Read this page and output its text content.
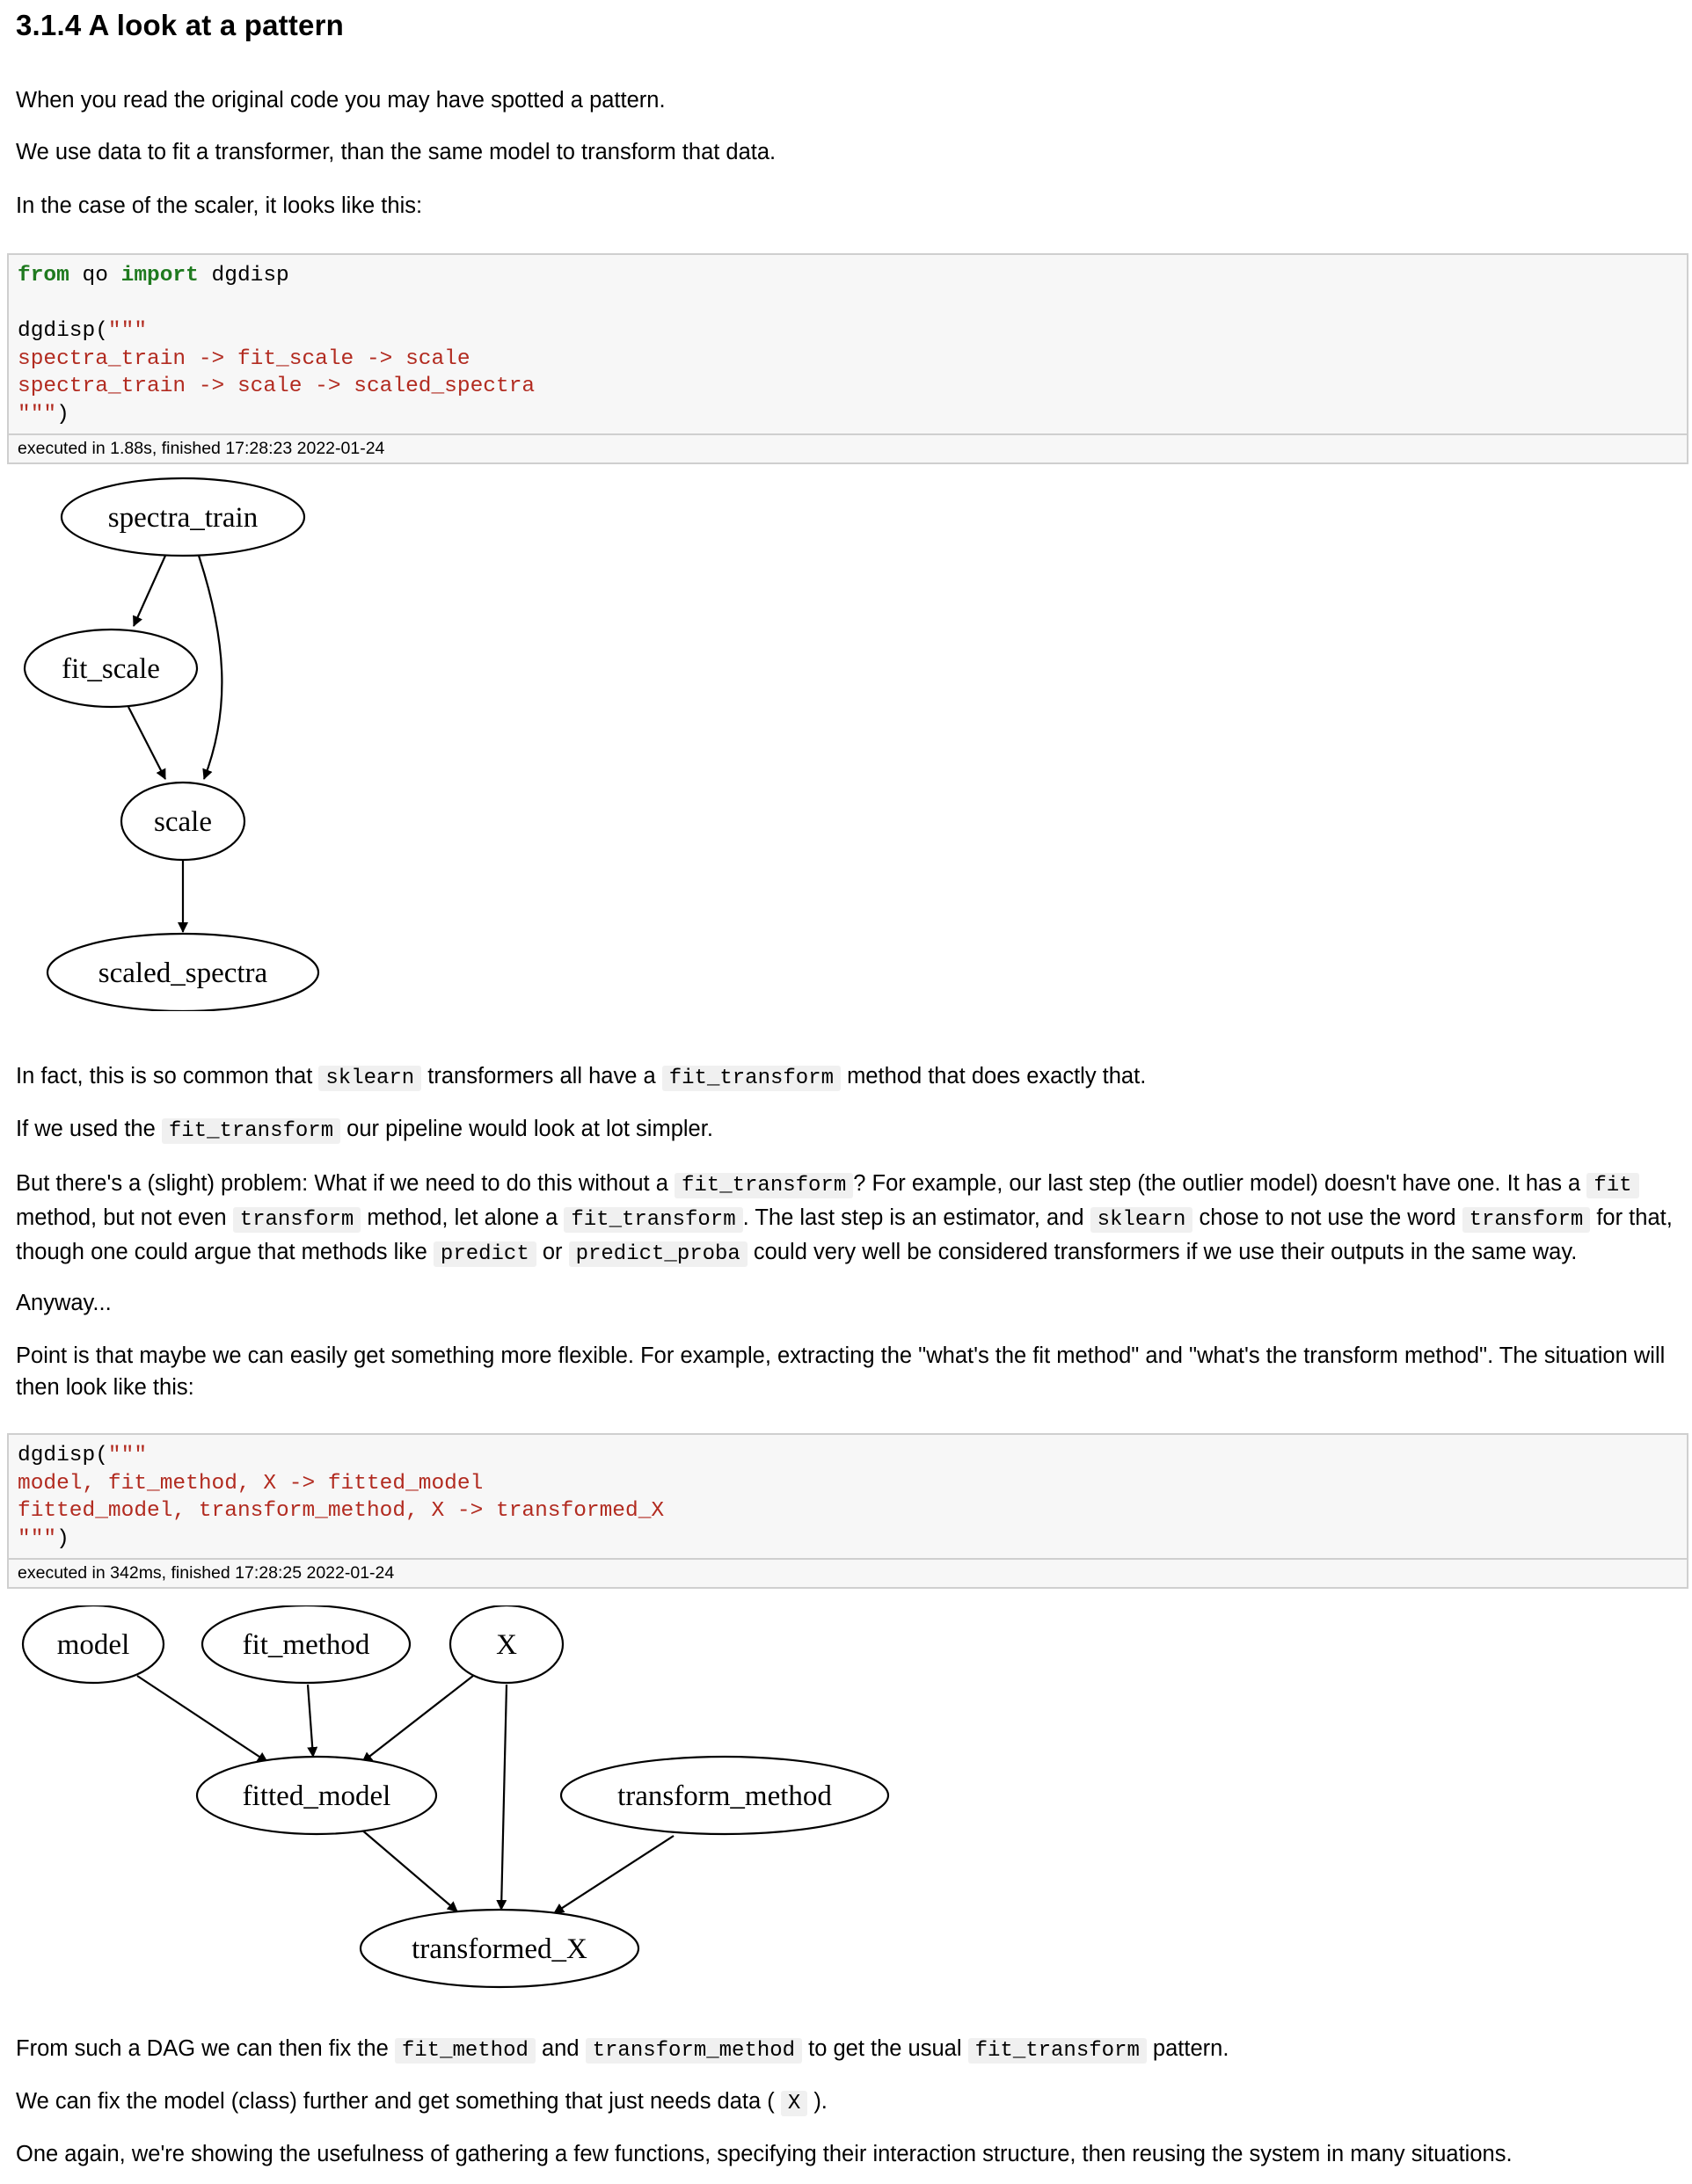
3.1.4 A look at a pattern

When you read the original code you may have spotted a pattern.

We use data to fit a transformer, than the same model to transform that data.

In the case of the scaler, it looks like this:

from qo import dgdisp

dgdisp("""
spectra_train -> fit_scale -> scale
spectra_train -> scale -> scaled_spectra
""")
executed in 1.88s, finished 17:28:23 2022-01-24
spectra_train
fit_scale
scale
scaled_spectra

In fact, this is so common that sklearn transformers all have a fit_transform method that does exactly that.

If we used the fit_transform our pipeline would look at lot simpler.

But there's a (slight) problem: What if we need to do this without a fit_transform ? For example, our last step (the outlier model) doesn't have one. It has a fit method, but not even transform method, let alone a fit_transform . The last step is an estimator, and sklearn chose to not use the word transform for that, though one could argue that methods like predict or predict_proba could very well be considered transformers if we use their outputs in the same way.

Anyway...

Point is that maybe we can easily get something more flexible. For example, extracting the "what's the fit method" and "what's the transform method". The situation will then look like this:

dgdisp("""
model, fit_method, X -> fitted_model
fitted_model, transform_method, X -> transformed_X
""")
executed in 342ms, finished 17:28:25 2022-01-24
model	fit_method	X
fitted_model	transform_method
transformed_X

From such a DAG we can then fix the fit_method and transform_method to get the usual fit_transform pattern.

We can fix the model (class) further and get something that just needs data ( X ).

One again, we're showing the usefulness of gathering a few functions, specifying their interaction structure, then reusing the system in many situations.
